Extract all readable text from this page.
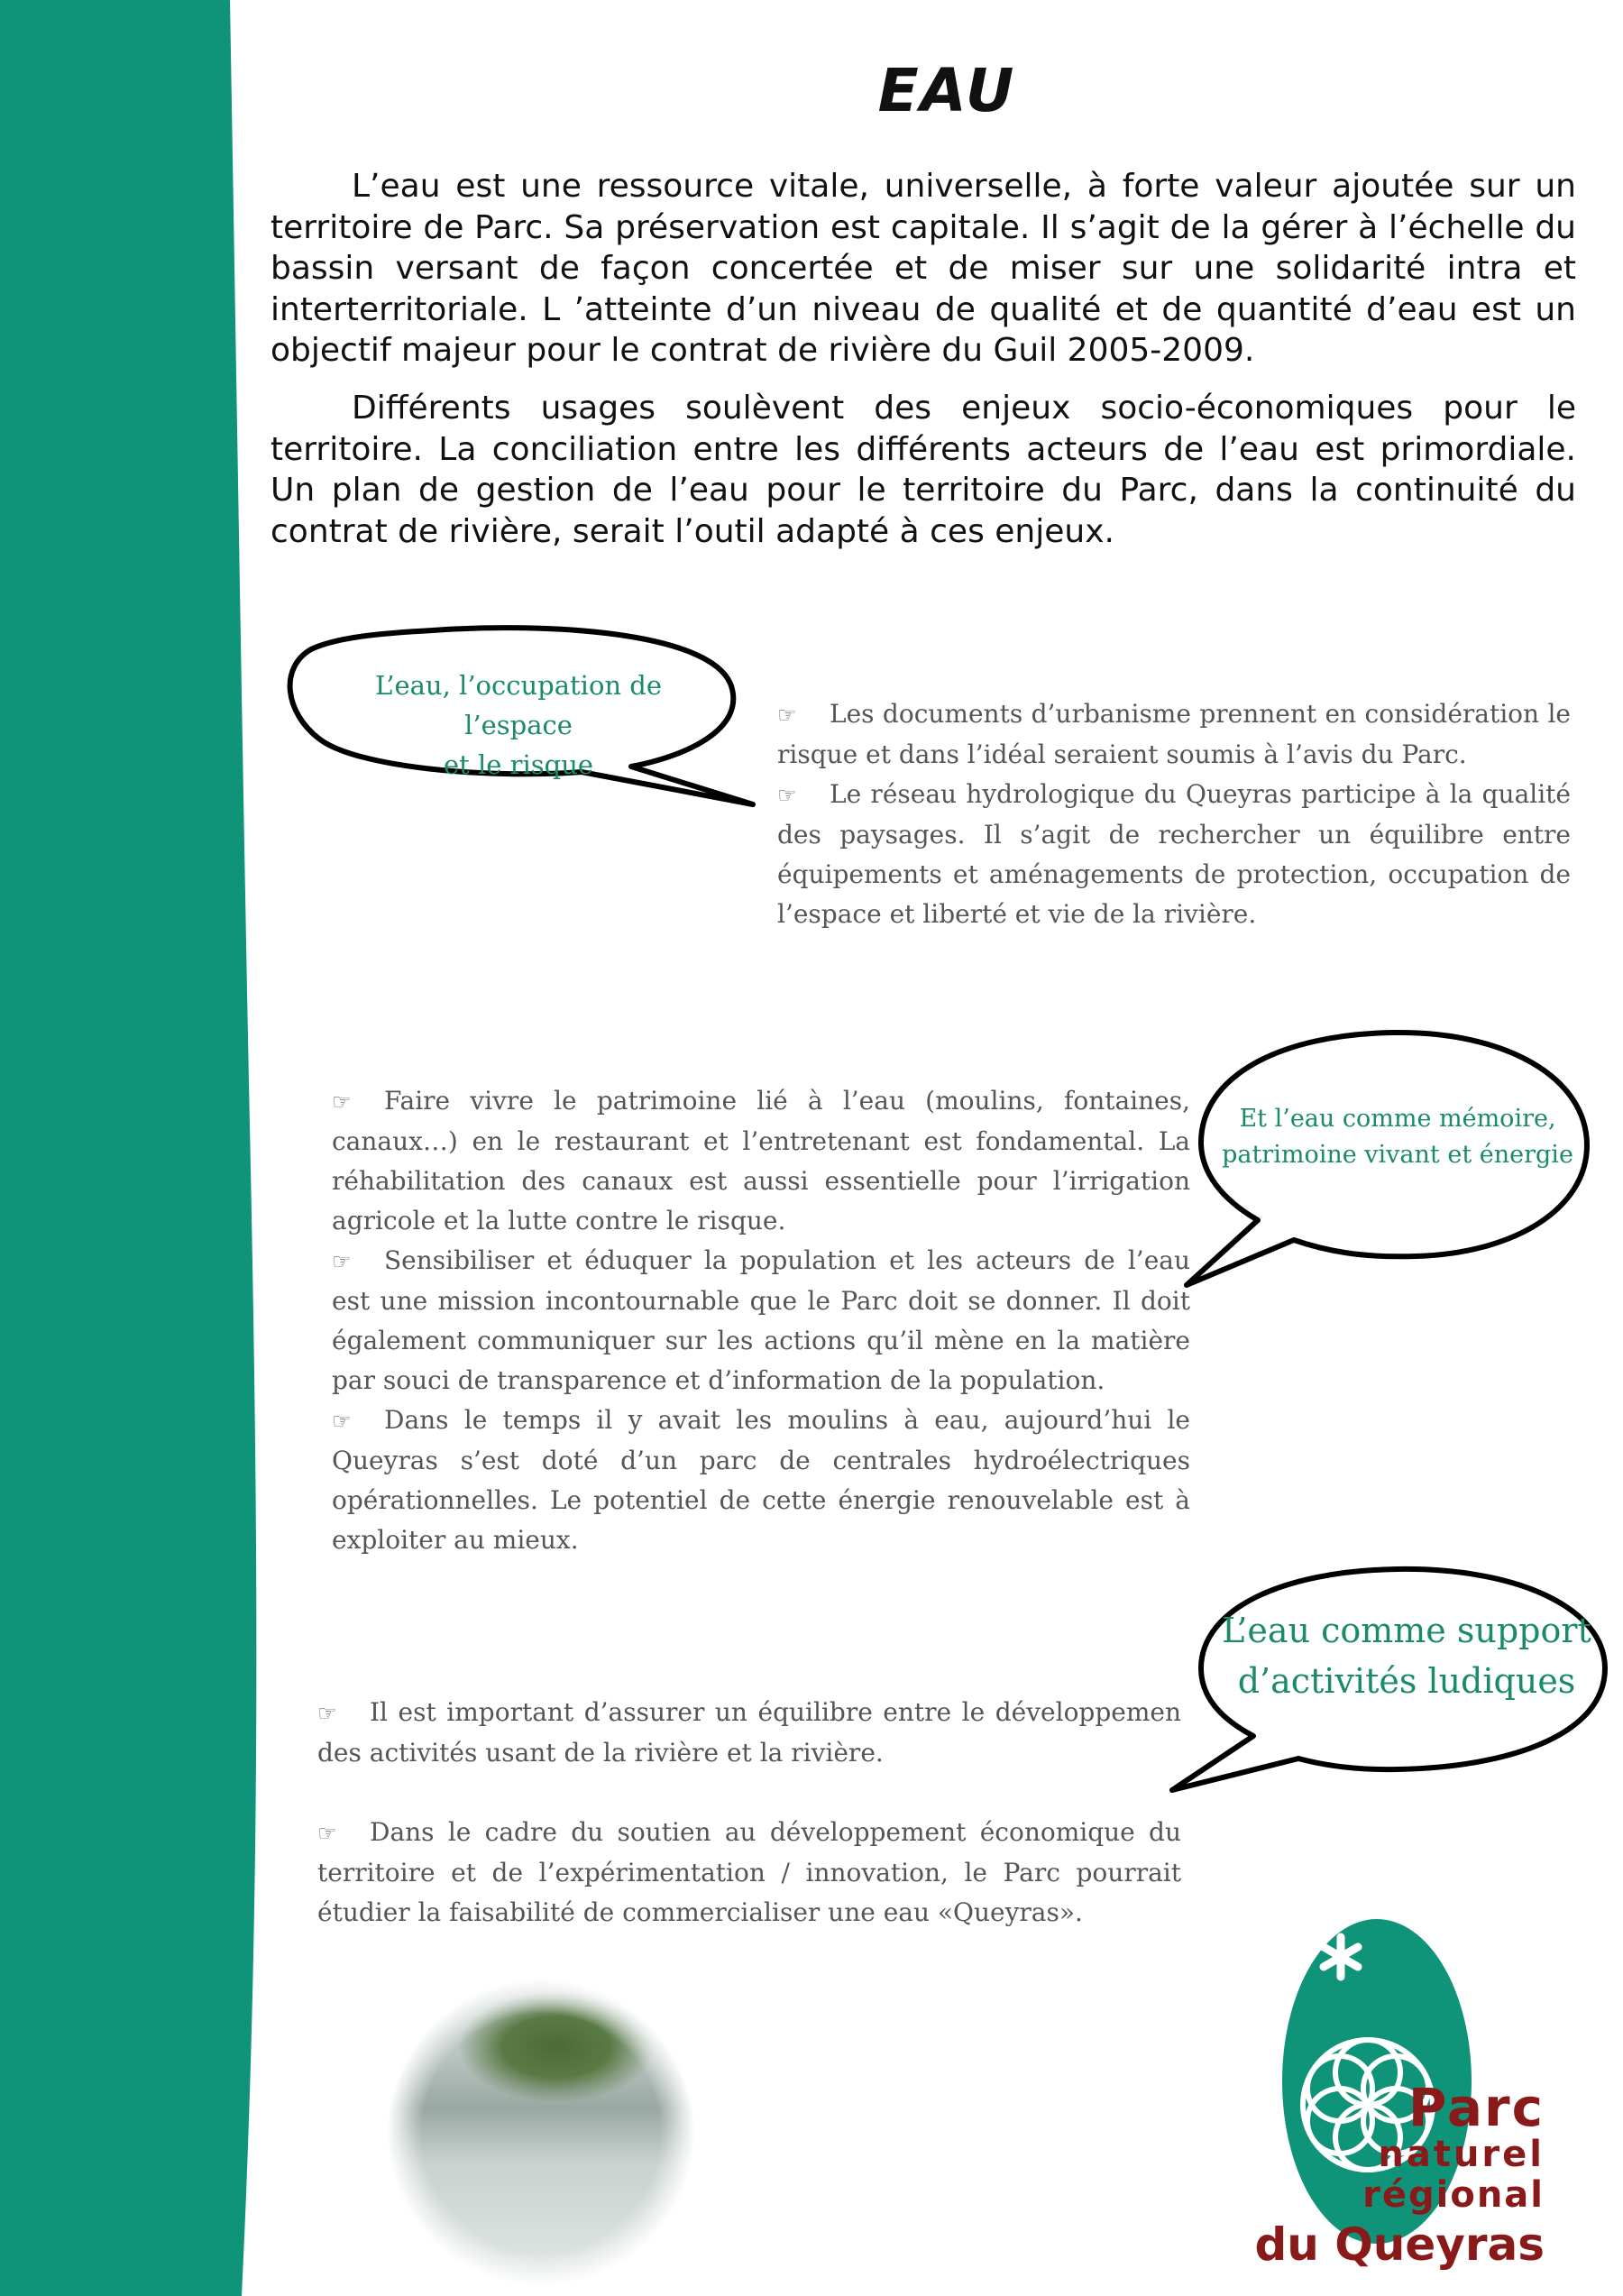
EAU

L’eau est une ressource vitale, universelle, à forte valeur ajoutée sur un territoire de Parc. Sa préservation est capitale. Il s’agit de la gérer à l’échelle du bassin versant de façon concertée et de miser sur une solidarité intra et interterritoriale. L ’atteinte d’un niveau de qualité et de quantité d’eau est un objectif majeur pour le contrat de rivière du Guil 2005-2009.

Différents usages soulèvent des enjeux socio-économiques pour le territoire. La conciliation entre les différents acteurs de l’eau est primordiale. Un plan de gestion de l’eau pour le territoire du Parc, dans la continuité du contrat de rivière, serait l’outil adapté à ces enjeux.

L’eau, l’occupation de l’espace
et le risque

☞ Les documents d’urbanisme prennent en considération le risque et dans l’idéal seraient soumis à l’avis du Parc.

☞ Le réseau hydrologique du Queyras participe à la qualité des paysages. Il s’agit de rechercher un équilibre entre équipements et aménagements de protection, occupation de l’espace et liberté et vie de la rivière.

Et l’eau comme mémoire,
patrimoine vivant et énergie

☞ Faire vivre le patrimoine lié à l’eau (moulins, fontaines, canaux…) en le restaurant et l’entretenant est fondamental. La réhabilitation des canaux est aussi essentielle pour l’irrigation agricole et la lutte contre le risque.

☞ Sensibiliser et éduquer la population et les acteurs de l’eau est une mission incontournable que le Parc doit se donner. Il doit également communiquer sur les actions qu’il mène en la matière par souci de transparence et d’information de la population.

☞ Dans le temps il y avait les moulins à eau, aujourd’hui le Queyras s’est doté d’un parc de centrales hydroélectriques opérationnelles. Le potentiel de cette énergie renouvelable est à exploiter au mieux.

L’eau comme support
d’activités ludiques

☞ Il est important d’assurer un équilibre entre le développemen des activités usant de la rivière et la rivière.

☞ Dans le cadre du soutien au développement économique du territoire et de l’expérimentation / innovation, le Parc pourrait étudier la faisabilité de commercialiser une eau «Queyras».

Parc
naturel
régional
du Queyras
